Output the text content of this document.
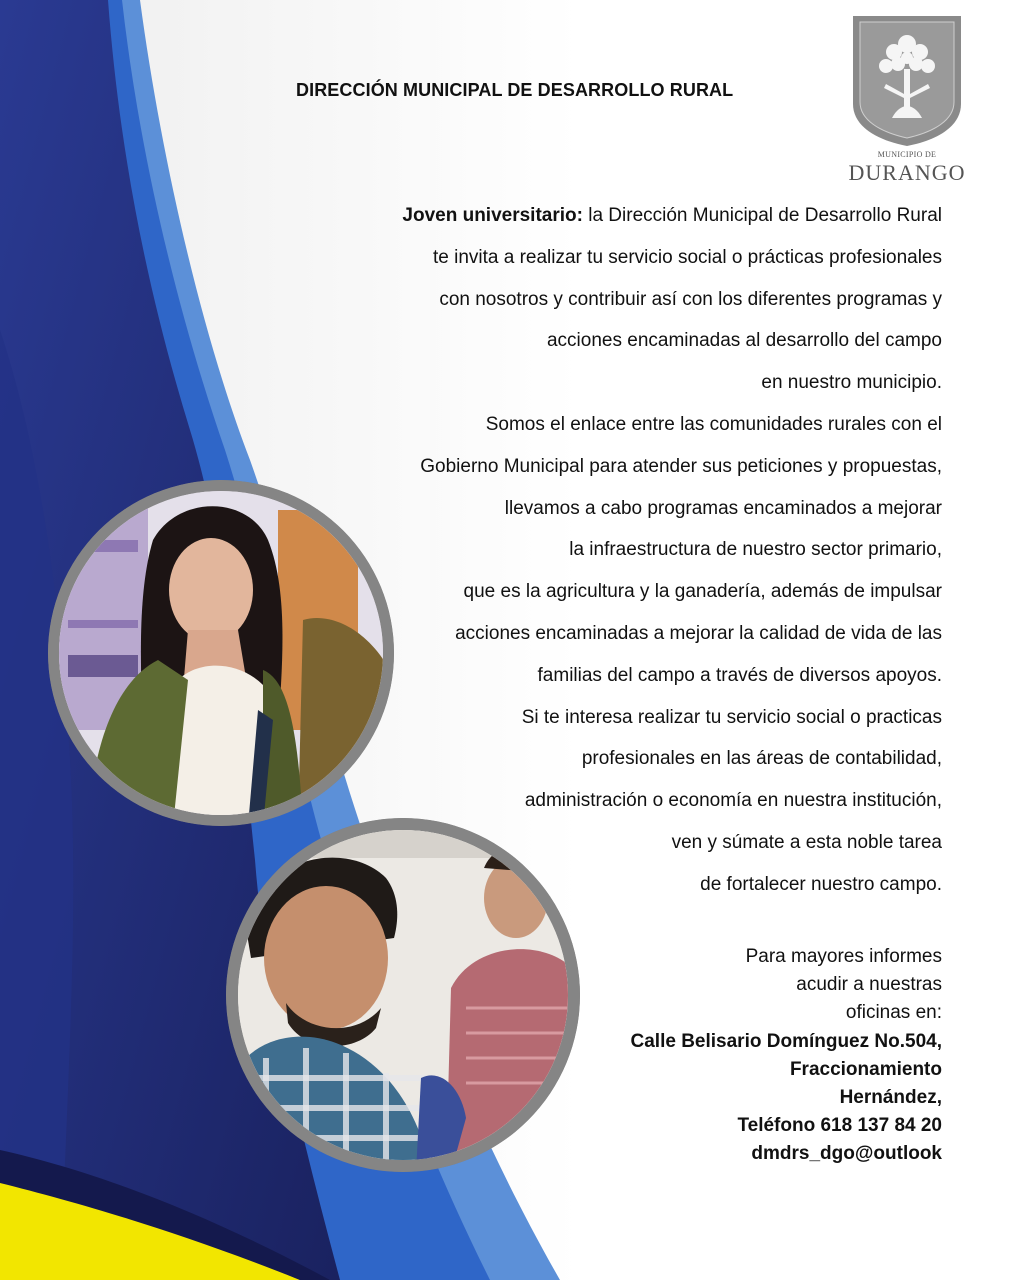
DIRECCIÓN MUNICIPAL DE DESARROLLO RURAL
MUNICIPIO DE
DURANGO
Joven universitario: la Dirección Municipal de Desarrollo Rural
te invita a realizar tu servicio social o prácticas profesionales
con nosotros y contribuir así con los diferentes programas y
acciones encaminadas al desarrollo del campo
en nuestro municipio.
Somos el enlace entre las comunidades rurales con el
Gobierno Municipal para atender sus peticiones y propuestas,
llevamos a cabo programas encaminados a mejorar
la infraestructura de nuestro sector primario,
que es la agricultura y la ganadería, además de impulsar
acciones encaminadas a mejorar la calidad de vida de las
familias del campo a través de diversos apoyos.
Si te interesa realizar tu servicio social o practicas
profesionales en las áreas de contabilidad,
administración o economía en nuestra institución,
ven y súmate a esta noble tarea
de fortalecer nuestro campo.
Para mayores informes
acudir a nuestras
oficinas en:
Calle Belisario Domínguez No.504,
Fraccionamiento
Hernández,
Teléfono 618 137 84 20
dmdrs_dgo@outlook
